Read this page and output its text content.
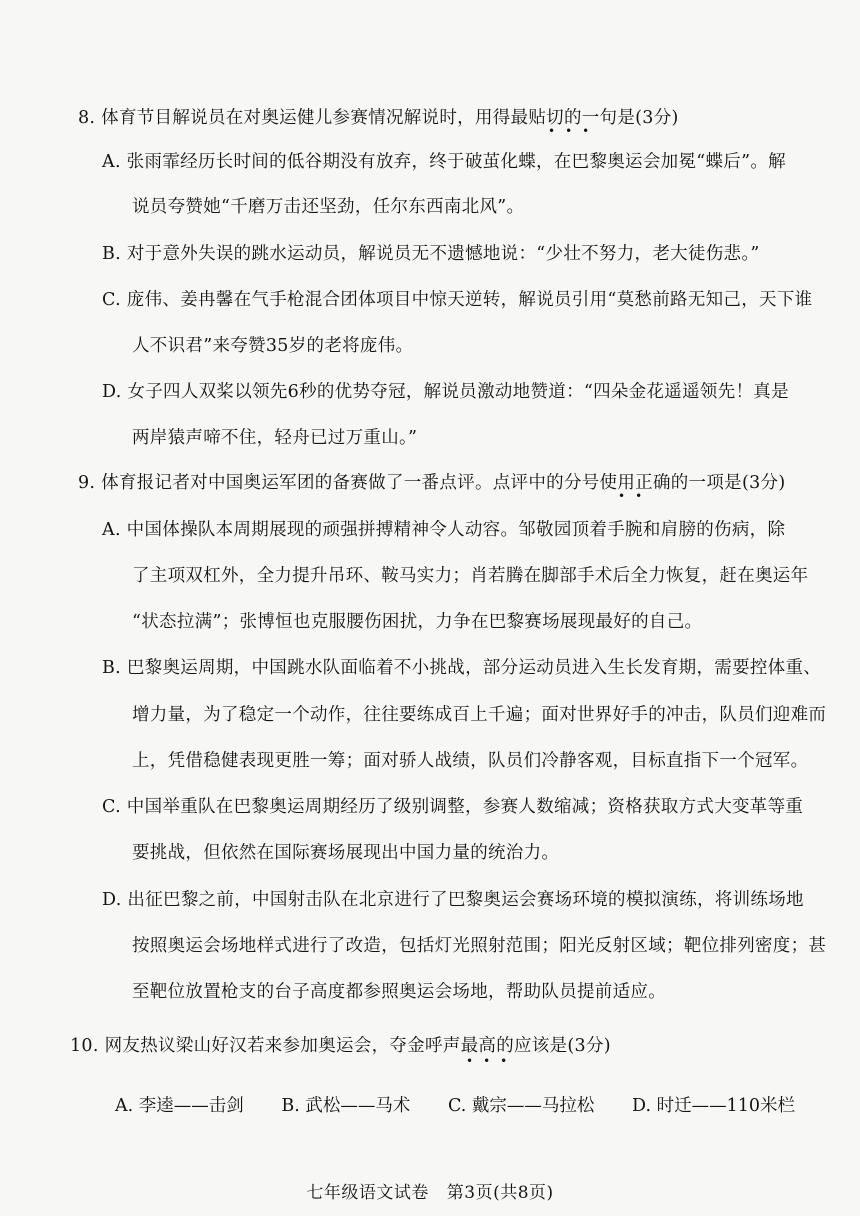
8. 体育节目解说员在对奥运健儿参赛情况解说时，用得最贴切的一句是(3分)
•••
A. 张雨霏经历长时间的低谷期没有放弃，终于破茧化蝶，在巴黎奥运会加冕“蝶后”。解
说员夸赞她“千磨万击还坚劲，任尔东西南北风”。
B. 对于意外失误的跳水运动员，解说员无不遗憾地说：“少壮不努力，老大徒伤悲。”
C. 庞伟、姜冉馨在气手枪混合团体项目中惊天逆转，解说员引用“莫愁前路无知己，天下谁
人不识君”来夸赞35岁的老将庞伟。
D. 女子四人双桨以领先6秒的优势夺冠，解说员激动地赞道：“四朵金花遥遥领先！真是
两岸猿声啼不住，轻舟已过万重山。”
9. 体育报记者对中国奥运军团的备赛做了一番点评。点评中的分号使用正确的一项是(3分)
••
A. 中国体操队本周期展现的顽强拼搏精神令人动容。邹敬园顶着手腕和肩膀的伤病，除
了主项双杠外，全力提升吊环、鞍马实力；肖若腾在脚部手术后全力恢复，赶在奥运年
“状态拉满”；张博恒也克服腰伤困扰，力争在巴黎赛场展现最好的自己。
B. 巴黎奥运周期，中国跳水队面临着不小挑战，部分运动员进入生长发育期，需要控体重、
增力量，为了稳定一个动作，往往要练成百上千遍；面对世界好手的冲击，队员们迎难而
上，凭借稳健表现更胜一筹；面对骄人战绩，队员们冷静客观，目标直指下一个冠军。
C. 中国举重队在巴黎奥运周期经历了级别调整，参赛人数缩减；资格获取方式大变革等重
要挑战，但依然在国际赛场展现出中国力量的统治力。
D. 出征巴黎之前，中国射击队在北京进行了巴黎奥运会赛场环境的模拟演练，将训练场地
按照奥运会场地样式进行了改造，包括灯光照射范围；阳光反射区域；靶位排列密度；甚
至靶位放置枪支的台子高度都参照奥运会场地，帮助队员提前适应。
10. 网友热议梁山好汉若来参加奥运会，夺金呼声最高的应该是(3分)
•••
A. 李逵——击剑 B. 武松——马术 C. 戴宗——马拉松 D. 时迁——110米栏
七年级语文试卷 第3页(共8页)
